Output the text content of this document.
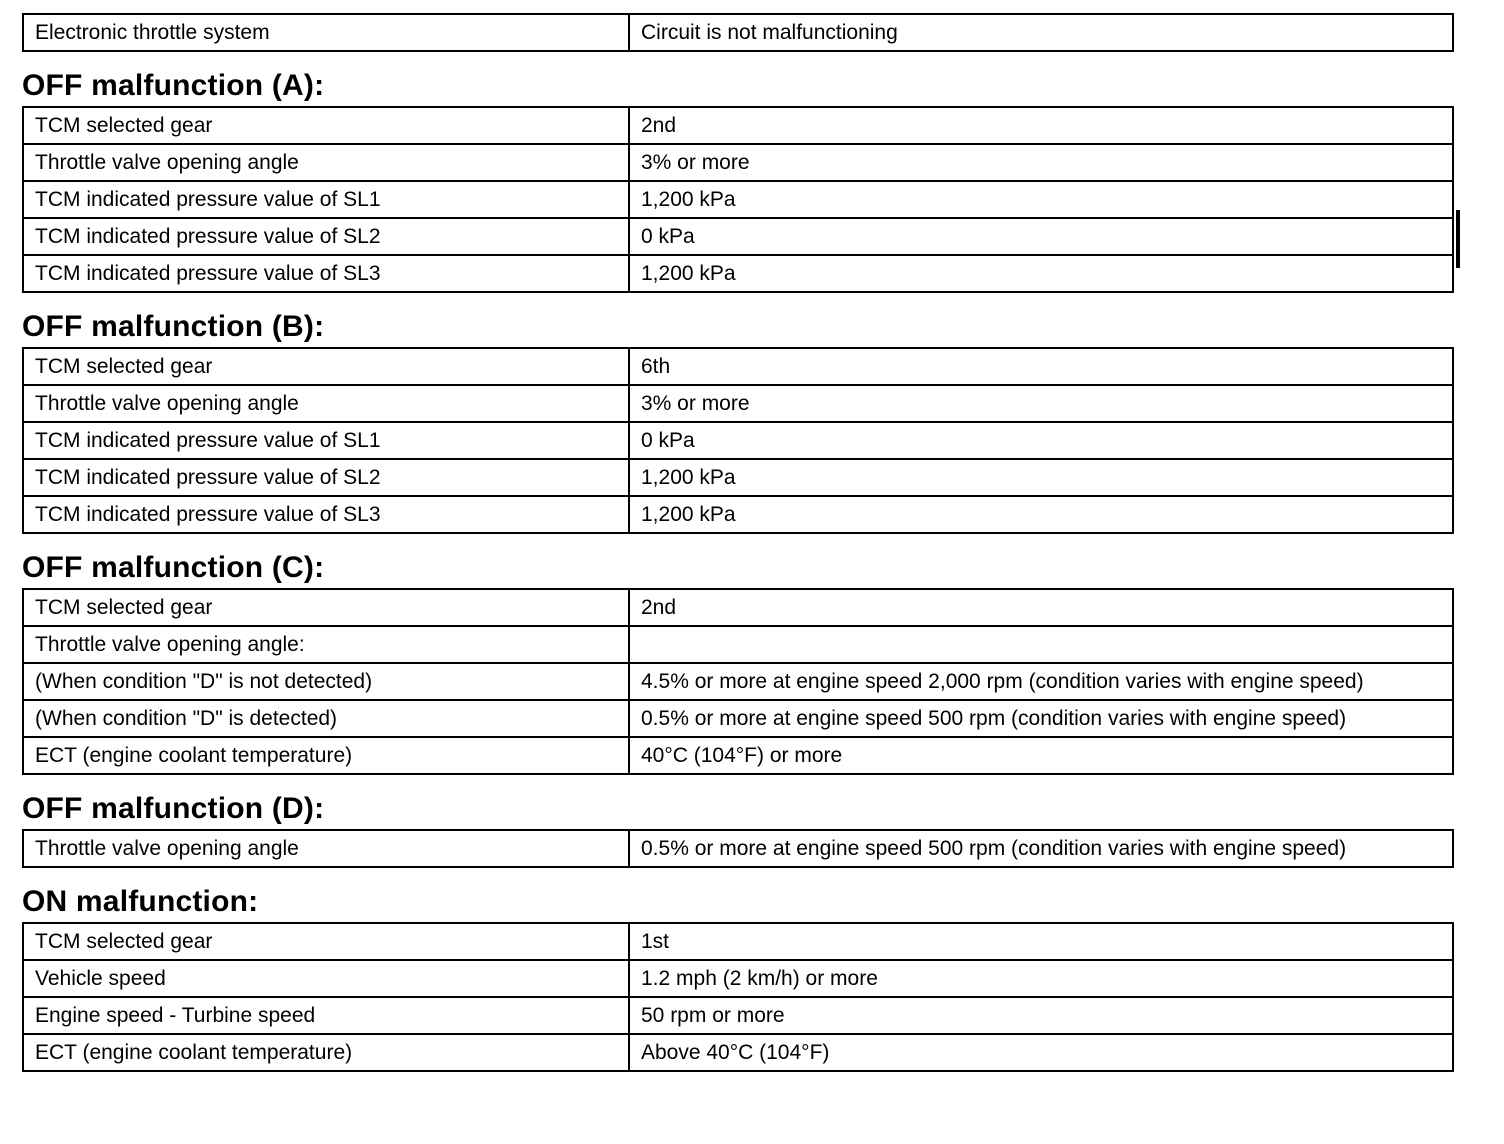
Electronic throttle system	Circuit is not malfunctioning
OFF malfunction (A):
TCM selected gear	2nd
Throttle valve opening angle	3% or more
TCM indicated pressure value of SL1	1,200 kPa
TCM indicated pressure value of SL2	0 kPa
TCM indicated pressure value of SL3	1,200 kPa
OFF malfunction (B):
TCM selected gear	6th
Throttle valve opening angle	3% or more
TCM indicated pressure value of SL1	0 kPa
TCM indicated pressure value of SL2	1,200 kPa
TCM indicated pressure value of SL3	1,200 kPa
OFF malfunction (C):
TCM selected gear	2nd
Throttle valve opening angle:	
(When condition "D" is not detected)	4.5% or more at engine speed 2,000 rpm (condition varies with engine speed)
(When condition "D" is detected)	0.5% or more at engine speed 500 rpm (condition varies with engine speed)
ECT (engine coolant temperature)	40°C (104°F) or more
OFF malfunction (D):
Throttle valve opening angle	0.5% or more at engine speed 500 rpm (condition varies with engine speed)
ON malfunction:
TCM selected gear	1st
Vehicle speed	1.2 mph (2 km/h) or more
Engine speed - Turbine speed	50 rpm or more
ECT (engine coolant temperature)	Above 40°C (104°F)
